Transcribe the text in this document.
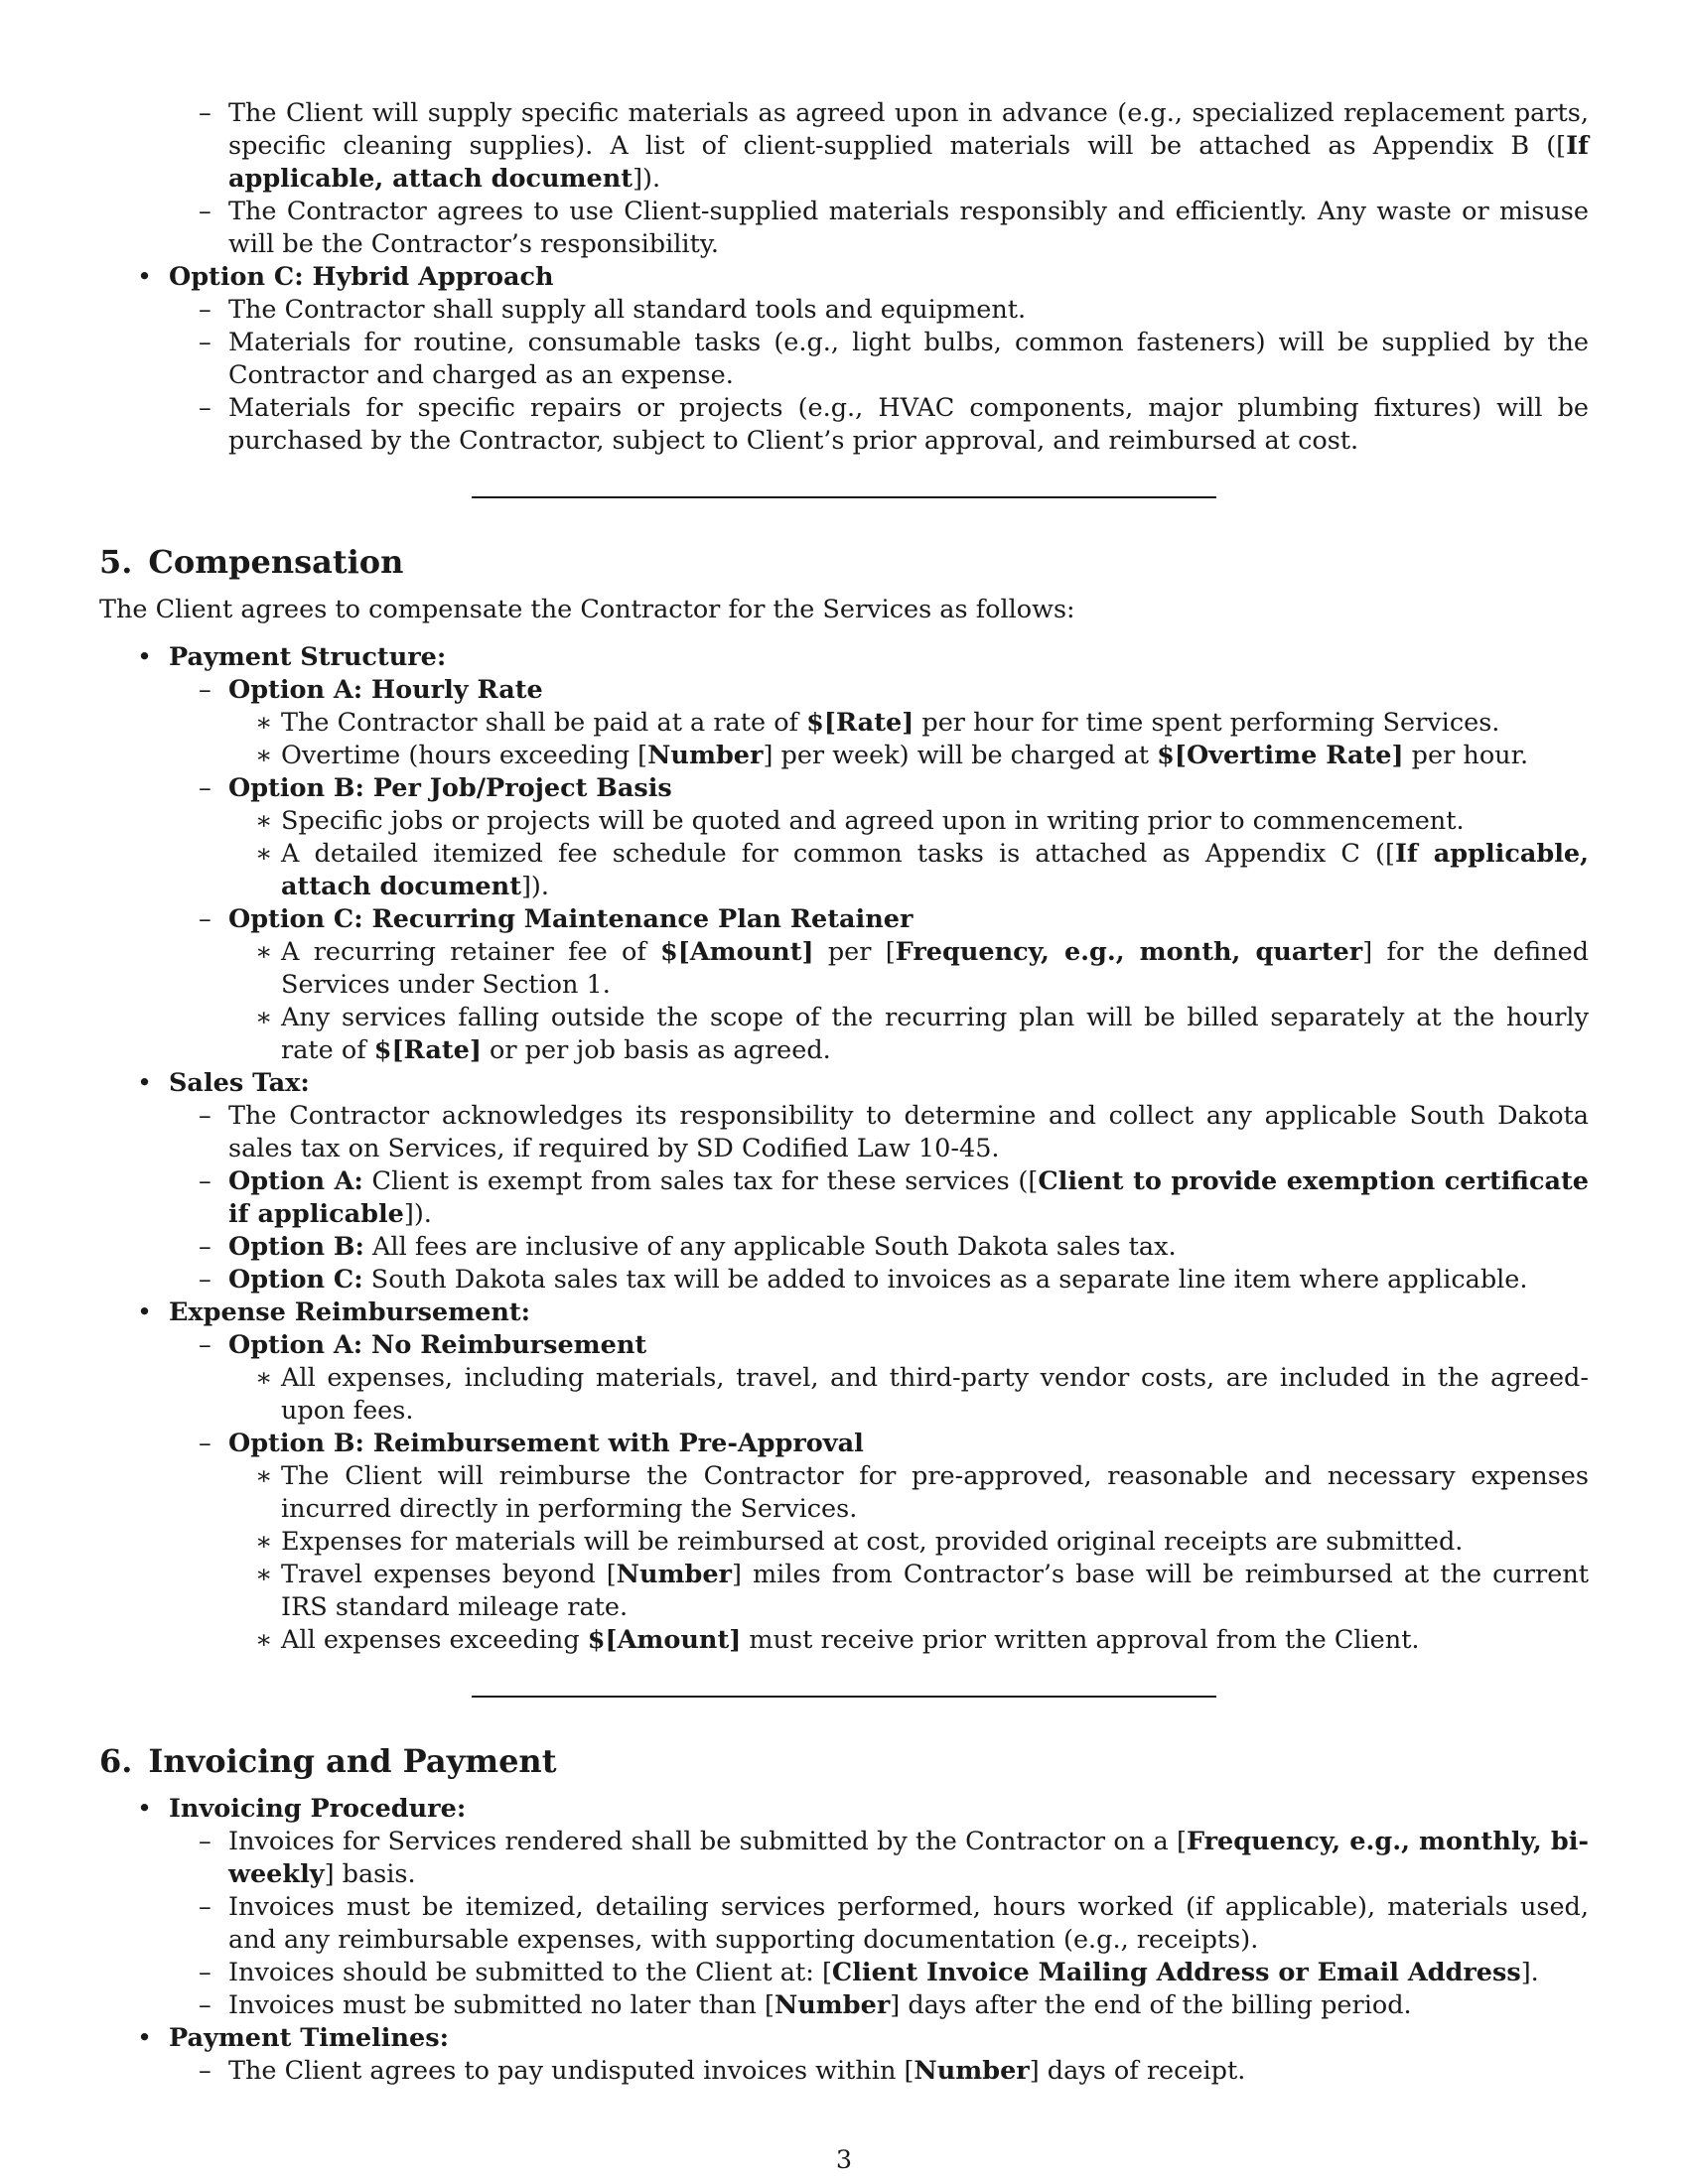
– The Client will supply specific materials as agreed upon in advance (e.g., specialized replacement parts, specific cleaning supplies). A list of client-supplied materials will be attached as Appendix B ([If applicable, attach document]).
– The Contractor agrees to use Client-supplied materials responsibly and efficiently. Any waste or misuse will be the Contractor’s responsibility.
• Option C: Hybrid Approach
– The Contractor shall supply all standard tools and equipment.
– Materials for routine, consumable tasks (e.g., light bulbs, common fasteners) will be supplied by the Contractor and charged as an expense.
– Materials for specific repairs or projects (e.g., HVAC components, major plumbing fixtures) will be purchased by the Contractor, subject to Client’s prior approval, and reimbursed at cost.
5. Compensation

The Client agrees to compensate the Contractor for the Services as follows:

• Payment Structure:
– Option A: Hourly Rate
∗ The Contractor shall be paid at a rate of $[Rate] per hour for time spent performing Services.
∗ Overtime (hours exceeding [Number] per week) will be charged at $[Overtime Rate] per hour.
– Option B: Per Job/Project Basis
∗ Specific jobs or projects will be quoted and agreed upon in writing prior to commencement.
∗ A detailed itemized fee schedule for common tasks is attached as Appendix C ([If applicable, attach document]).
– Option C: Recurring Maintenance Plan Retainer
∗ A recurring retainer fee of $[Amount] per [Frequency, e.g., month, quarter] for the defined Services under Section 1.
∗ Any services falling outside the scope of the recurring plan will be billed separately at the hourly rate of $[Rate] or per job basis as agreed.
• Sales Tax:
– The Contractor acknowledges its responsibility to determine and collect any applicable South Dakota sales tax on Services, if required by SD Codified Law 10-45.
– Option A: Client is exempt from sales tax for these services ([Client to provide exemption certificate if applicable]).
– Option B: All fees are inclusive of any applicable South Dakota sales tax.
– Option C: South Dakota sales tax will be added to invoices as a separate line item where applicable.
• Expense Reimbursement:
– Option A: No Reimbursement
∗ All expenses, including materials, travel, and third-party vendor costs, are included in the agreed-upon fees.
– Option B: Reimbursement with Pre-Approval
∗ The Client will reimburse the Contractor for pre-approved, reasonable and necessary expenses incurred directly in performing the Services.
∗ Expenses for materials will be reimbursed at cost, provided original receipts are submitted.
∗ Travel expenses beyond [Number] miles from Contractor’s base will be reimbursed at the current IRS standard mileage rate.
∗ All expenses exceeding $[Amount] must receive prior written approval from the Client.
6. Invoicing and Payment
• Invoicing Procedure:
– Invoices for Services rendered shall be submitted by the Contractor on a [Frequency, e.g., monthly, bi-weekly] basis.
– Invoices must be itemized, detailing services performed, hours worked (if applicable), materials used, and any reimbursable expenses, with supporting documentation (e.g., receipts).
– Invoices should be submitted to the Client at: [Client Invoice Mailing Address or Email Address].
– Invoices must be submitted no later than [Number] days after the end of the billing period.
• Payment Timelines:
– The Client agrees to pay undisputed invoices within [Number] days of receipt.
3
